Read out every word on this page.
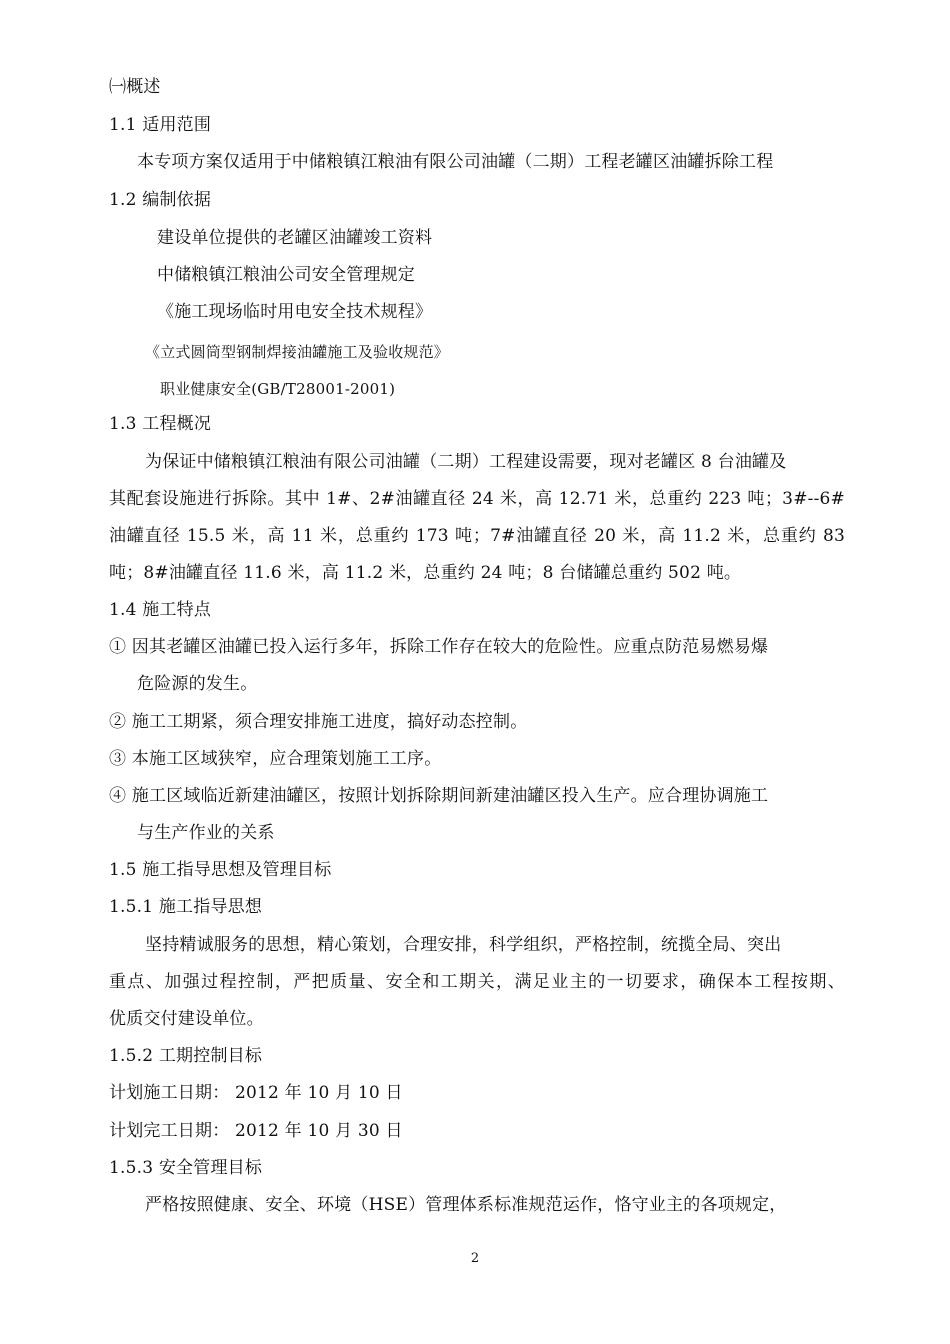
㈠概述
1.1 适用范围
本专项方案仅适用于中储粮镇江粮油有限公司油罐（二期）工程老罐区油罐拆除工程
1.2 编制依据
建设单位提供的老罐区油罐竣工资料
中储粮镇江粮油公司安全管理规定
《施工现场临时用电安全技术规程》
《立式圆筒型钢制焊接油罐施工及验收规范》
职业健康安全(GB/T28001-2001)
1.3 工程概况
为保证中储粮镇江粮油有限公司油罐（二期）工程建设需要，现对老罐区 8 台油罐及
其配套设施进行拆除。其中 1#、2#油罐直径 24 米，高 12.71 米，总重约 223 吨；3#--6#
油罐直径 15.5 米，高 11 米，总重约 173 吨；7#油罐直径 20 米，高 11.2 米，总重约 83
吨；8#油罐直径 11.6 米，高 11.2 米，总重约 24 吨；8 台储罐总重约 502 吨。
1.4 施工特点
① 因其老罐区油罐已投入运行多年，拆除工作存在较大的危险性。应重点防范易燃易爆
危险源的发生。
② 施工工期紧，须合理安排施工进度，搞好动态控制。
③ 本施工区域狭窄，应合理策划施工工序。
④ 施工区域临近新建油罐区，按照计划拆除期间新建油罐区投入生产。应合理协调施工
与生产作业的关系
1.5 施工指导思想及管理目标
1.5.1 施工指导思想
坚持精诚服务的思想，精心策划，合理安排，科学组织，严格控制，统揽全局、突出
重点、加强过程控制，严把质量、安全和工期关，满足业主的一切要求，确保本工程按期、
优质交付建设单位。
1.5.2 工期控制目标
计划施工日期： 2012 年 10 月 10 日
计划完工日期： 2012 年 10 月 30 日
1.5.3 安全管理目标
严格按照健康、安全、环境（HSE）管理体系标准规范运作，恪守业主的各项规定，
2
